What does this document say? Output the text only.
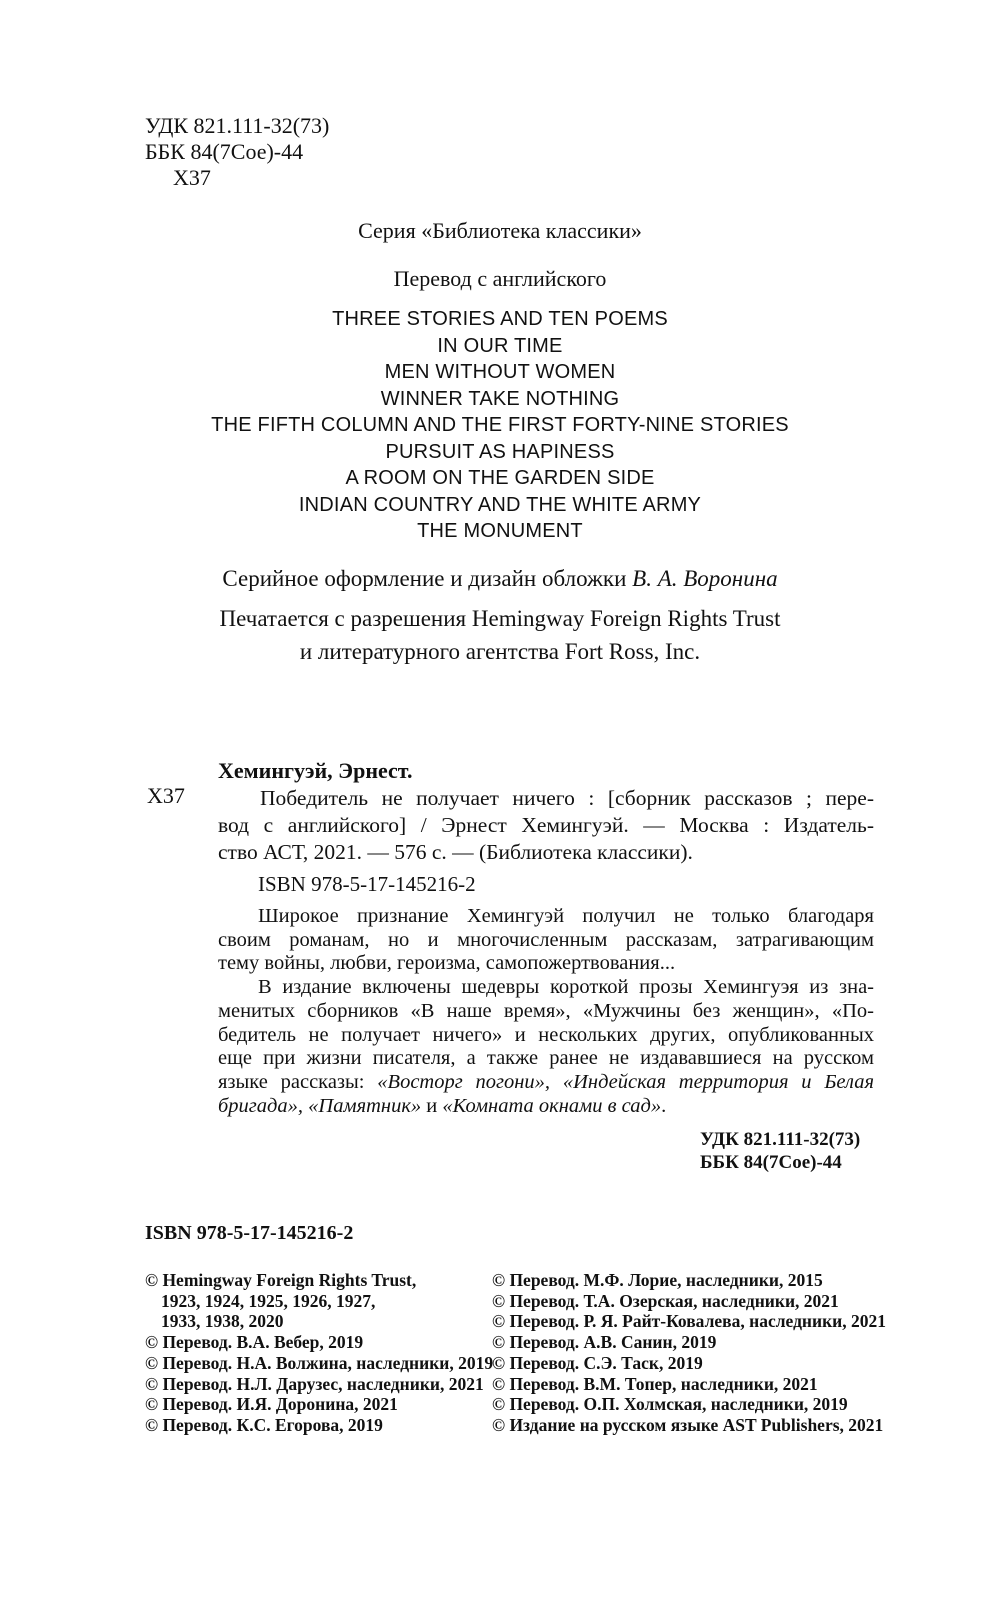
УДК 821.111-32(73)
ББК 84(7Сое)-44
Х37
Серия «Библиотека классики»
Перевод с английского
THREE STORIES AND TEN POEMS
IN OUR TIME
MEN WITHOUT WOMEN
WINNER TAKE NOTHING
THE FIFTH COLUMN AND THE FIRST FORTY-NINE STORIES
PURSUIT AS HAPINESS
A ROOM ON THE GARDEN SIDE
INDIAN COUNTRY AND THE WHITE ARMY
THE MONUMENT
Серийное оформление и дизайн обложки В. А. Воронина
Печатается с разрешения Hemingway Foreign Rights Trust
и литературного агентства Fort Ross, Inc.
Хемингуэй, Эрнест.
Х37	Победитель не получает ничего : [сборник рассказов ; пере-
вод с английского] / Эрнест Хемингуэй. — Москва : Издатель-
ство АСТ, 2021. — 576 с. — (Библиотека классики).
ISBN 978-5-17-145216-2
Широкое признание Хемингуэй получил не только благодаря
своим романам, но и многочисленным рассказам, затрагивающим
тему войны, любви, героизма, самопожертвования...
В издание включены шедевры короткой прозы Хемингуэя из зна-
менитых сборников «В наше время», «Мужчины без женщин», «По-
бедитель не получает ничего» и нескольких других, опубликованных
еще при жизни писателя, а также ранее не издававшиеся на русском
языке рассказы: «Восторг погони», «Индейская территория и Белая
бригада», «Памятник» и «Комната окнами в сад».
УДК 821.111-32(73)
ББК 84(7Сое)-44
ISBN 978-5-17-145216-2
© Hemingway Foreign Rights Trust,
1923, 1924, 1925, 1926, 1927,
1933, 1938, 2020
© Перевод. В.А. Вебер, 2019
© Перевод. Н.А. Волжина, наследники, 2019
© Перевод. Н.Л. Дарузес, наследники, 2021
© Перевод. И.Я. Доронина, 2021
© Перевод. К.С. Егорова, 2019
© Перевод. М.Ф. Лорие, наследники, 2015
© Перевод. Т.А. Озерская, наследники, 2021
© Перевод. Р. Я. Райт-Ковалева, наследники, 2021
© Перевод. А.В. Санин, 2019
© Перевод. С.Э. Таск, 2019
© Перевод. В.М. Топер, наследники, 2021
© Перевод. О.П. Холмская, наследники, 2019
© Издание на русском языке AST Publishers, 2021
